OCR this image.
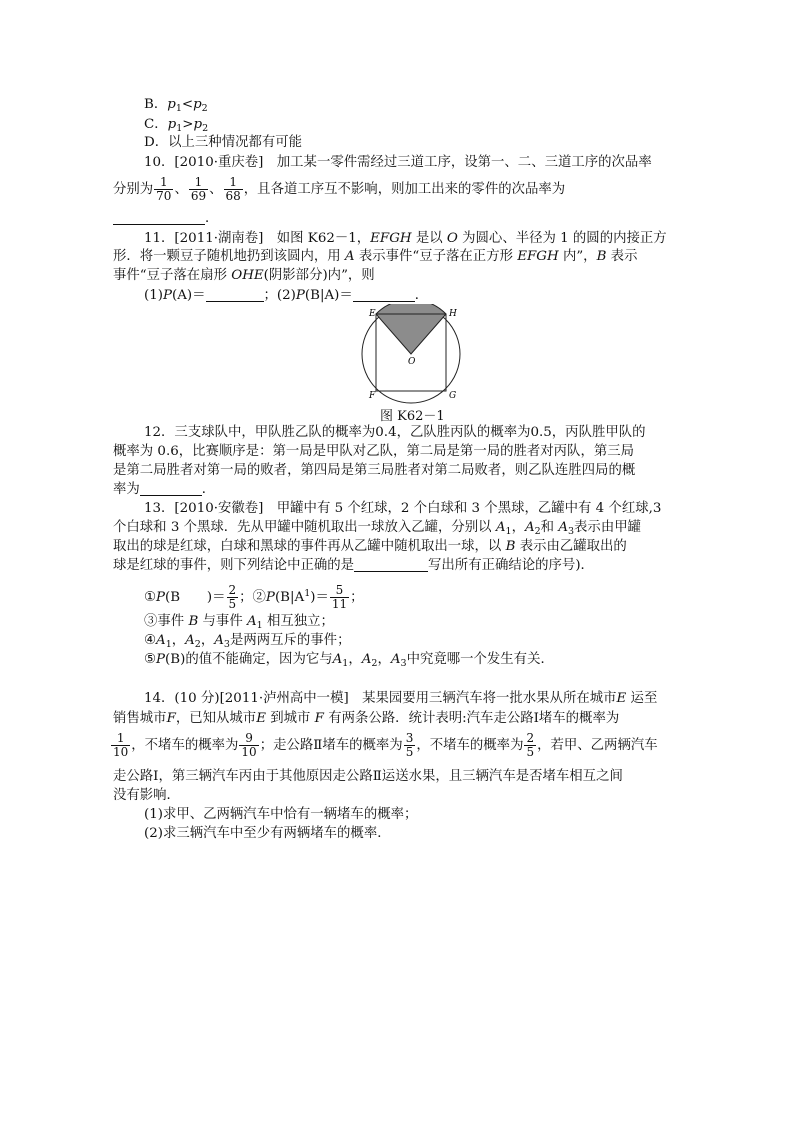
B．$p_1<p_2$
C．$p_1>p_2$
D．以上三种情况都有可能
10．[2010·重庆卷]　加工某一零件需经过三道工序，设第一、二、三道工序的次品率
分别为 $\frac{1}{70}$ 、 $\frac{1}{69}$ 、 $\frac{1}{68}$ ，且各道工序互不影响，则加工出来的零件的次品率为
．
11．[2011·湖南卷]　如图 K62－1，EFGH 是以 O 为圆心、半径为 1 的圆的内接正方
形．将一颗豆子随机地扔到该圆内，用 A 表示事件“豆子落在正方形 EFGH 内”，B 表示
事件“豆子落在扇形 OHE(阴影部分)内”，则
(1)P(A)＝	；(2)P(B|A)＝	．
E	H
F	G
O
图 K62－1
12．三支球队中，甲队胜乙队的概率为0.4，乙队胜丙队的概率为0.5，丙队胜甲队的
概率为 0.6，比赛顺序是：第一局是甲队对乙队，第二局是第一局的胜者对丙队，第三局
是第二局胜者对第一局的败者，第四局是第三局胜者对第二局败者，则乙队连胜四局的概
率为	．
13．[2010·安徽卷]　甲罐中有 5 个红球，2 个白球和 3 个黑球，乙罐中有 4 个红球,3
个白球和 3 个黑球．先从甲罐中随机取出一球放入乙罐，分别以 $A_1$，$A_2$和 $A_3$表示由甲罐
取出的球是红球，白球和黑球的事件再从乙罐中随机取出一球，以 B 表示由乙罐取出的
球是红球的事件，则下列结论中正确的是	写出所有正确结论的序号)．
①P(B　　)＝ $\frac{2}{5}$ ；$②P(B|A^1)= \frac{5}{11}$ ；
③事件 B 与事件 $A_1$ 相互独立；
$④A_1$，$A_2$，$A_3$是两两互斥的事件；
⑤P(B)的值不能确定，因为它与$A_1$，$A_2$，$A_3$中究竟哪一个发生有关．
14．(10 分)[2011·泸州高中一模]　某果园要用三辆汽车将一批水果从所在城市E 运至
销售城市F，已知从城市E 到城市 F 有两条公路．统计表明:汽车走公路Ⅰ堵车的概率为
$\frac{1}{10}$ ，不堵车的概率为 $\frac{9}{10}$ ；走公路Ⅱ堵车的概率为 $\frac{3}{5}$ ，不堵车的概率为 $\frac{2}{5}$ ，若甲、乙两辆汽车
走公路Ⅰ，第三辆汽车丙由于其他原因走公路Ⅱ运送水果，且三辆汽车是否堵车相互之间
没有影响．
(1)求甲、乙两辆汽车中恰有一辆堵车的概率；
(2)求三辆汽车中至少有两辆堵车的概率．
